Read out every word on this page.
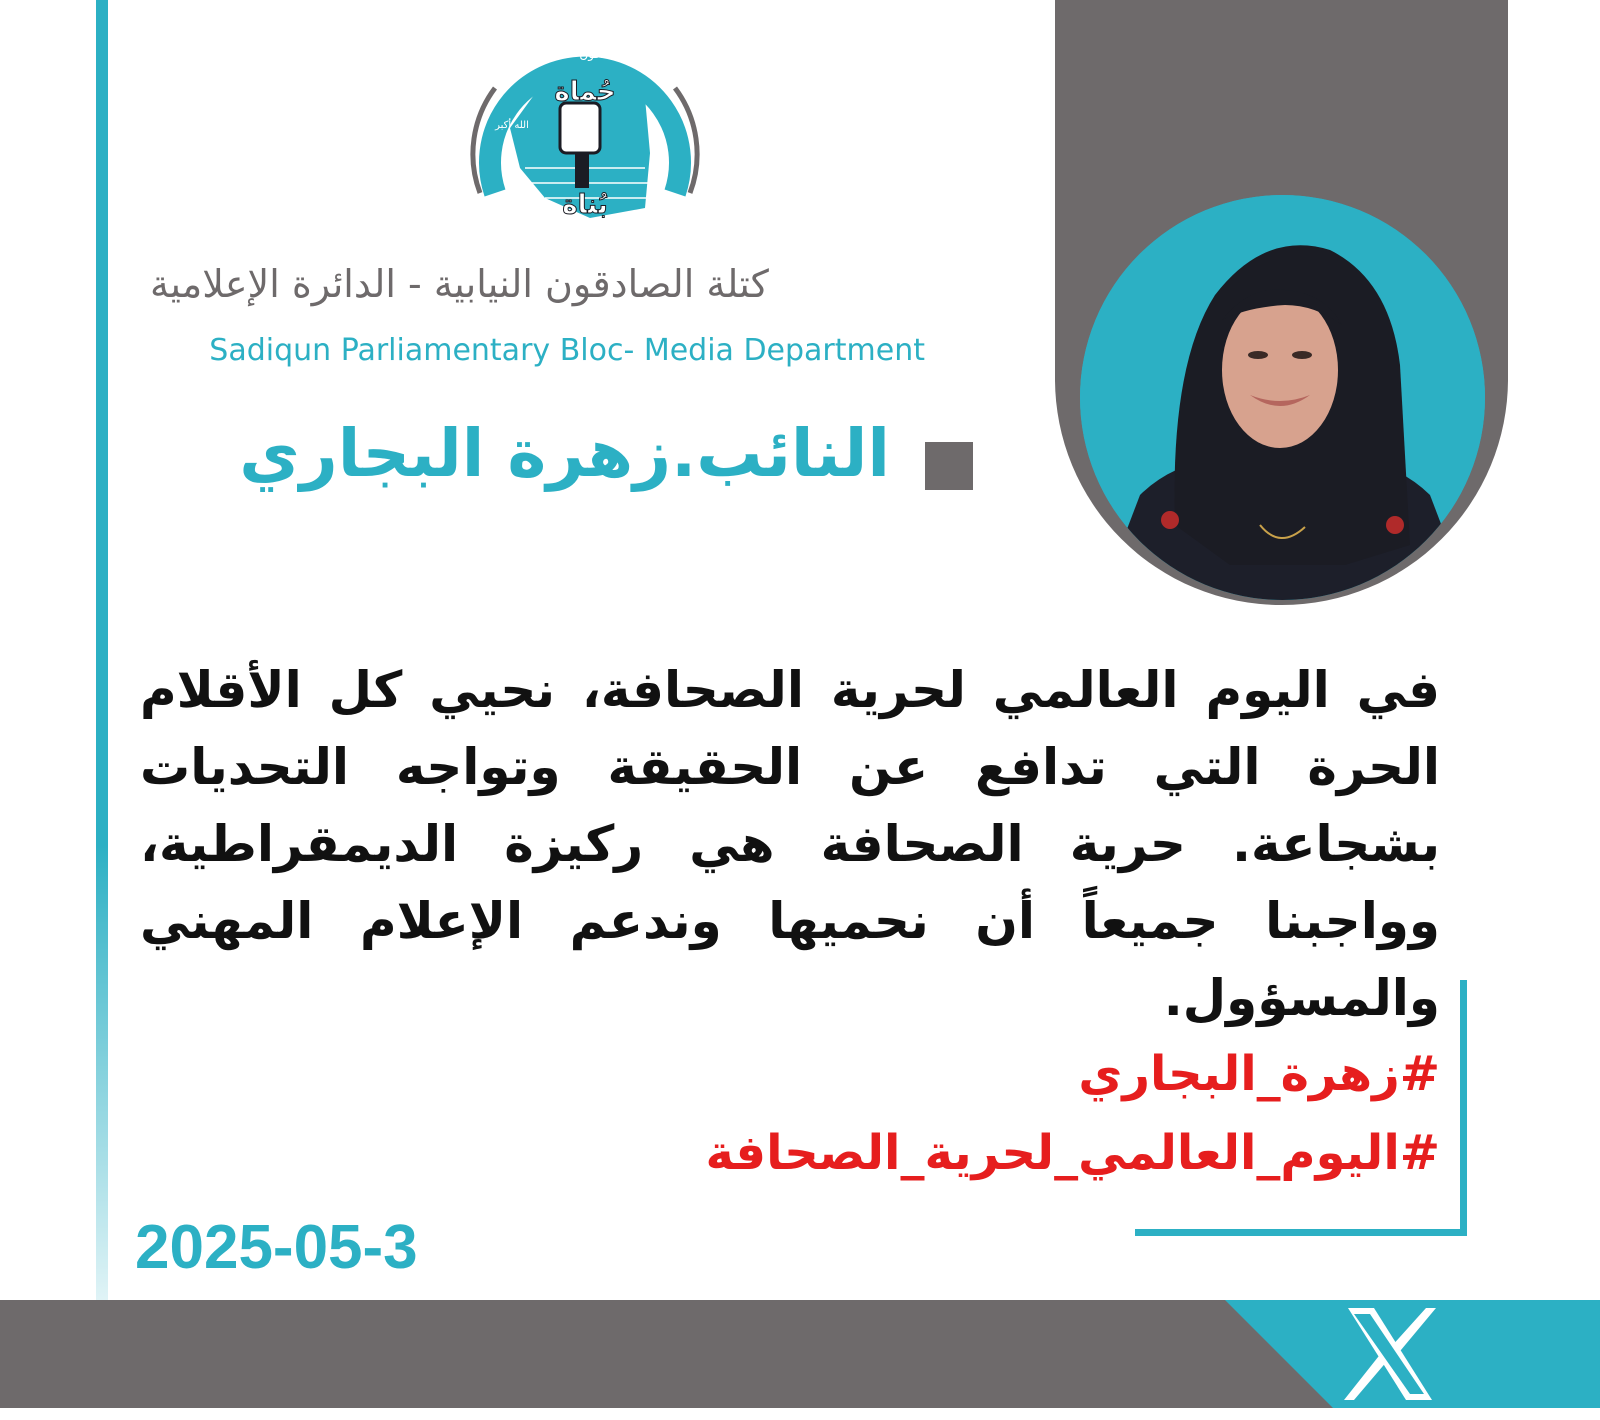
حركة الصادقون
الله أكبر
حُماة
بُناة
كتلة الصادقون النيابية - الدائرة الإعلامية
Sadiqun Parliamentary Bloc- Media Department
النائب.زهرة البجاري
في اليوم العالمي لحرية الصحافة، نحيي كل الأقلام الحرة التي تدافع عن الحقيقة وتواجه التحديات بشجاعة. حرية الصحافة هي ركيزة الديمقراطية، وواجبنا جميعاً أن نحميها وندعم الإعلام المهني والمسؤول.
#زهرة_البجاري
#اليوم_العالمي_لحرية_الصحافة
2025-05-3
